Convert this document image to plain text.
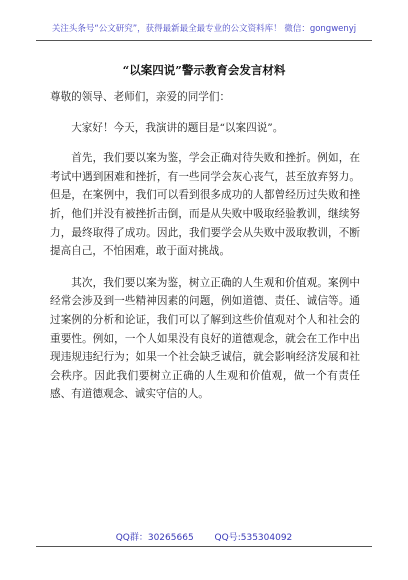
关注头条号“公文研究”，获得最新最全最专业的公文资料库！ 微信：gongwenyj
“以案四说”警示教育会发言材料

尊敬的领导、老师们，亲爱的同学们：

大家好！今天，我演讲的题目是“以案四说”。

首先，我们要以案为鉴，学会正确对待失败和挫折。例如，在考试中遇到困难和挫折，有一些同学会灰心丧气，甚至放弃努力。但是，在案例中，我们可以看到很多成功的人都曾经历过失败和挫折，他们并没有被挫折击倒，而是从失败中吸取经验教训，继续努力，最终取得了成功。因此，我们要学会从失败中汲取教训，不断提高自己，不怕困难，敢于面对挑战。

其次，我们要以案为鉴，树立正确的人生观和价值观。案例中经常会涉及到一些精神因素的问题，例如道德、责任、诚信等。通过案例的分析和论证，我们可以了解到这些价值观对个人和社会的重要性。例如，一个人如果没有良好的道德观念，就会在工作中出现违规违纪行为；如果一个社会缺乏诚信，就会影响经济发展和社会秩序。因此我们要树立正确的人生观和价值观，做一个有责任感、有道德观念、诚实守信的人。

QQ群：30265665 QQ号:535304092
